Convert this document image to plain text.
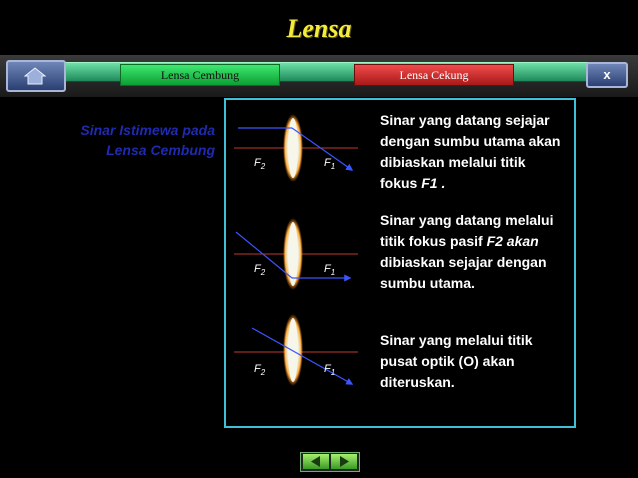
Lensa
Lensa Cembung	Lensa Cekung	x
Sinar Istimewa pada Lensa Cembung
$F_2$	$F_1$
$F_2$	$F_1$
$F_2$	$F_1$
Sinar yang datang sejajar dengan sumbu utama akan dibiaskan melalui titik fokus F1 .
Sinar yang datang melalui titik fokus pasif F2 akan dibiaskan sejajar dengan sumbu utama.
Sinar yang melalui titik pusat optik (O) akan diteruskan.
